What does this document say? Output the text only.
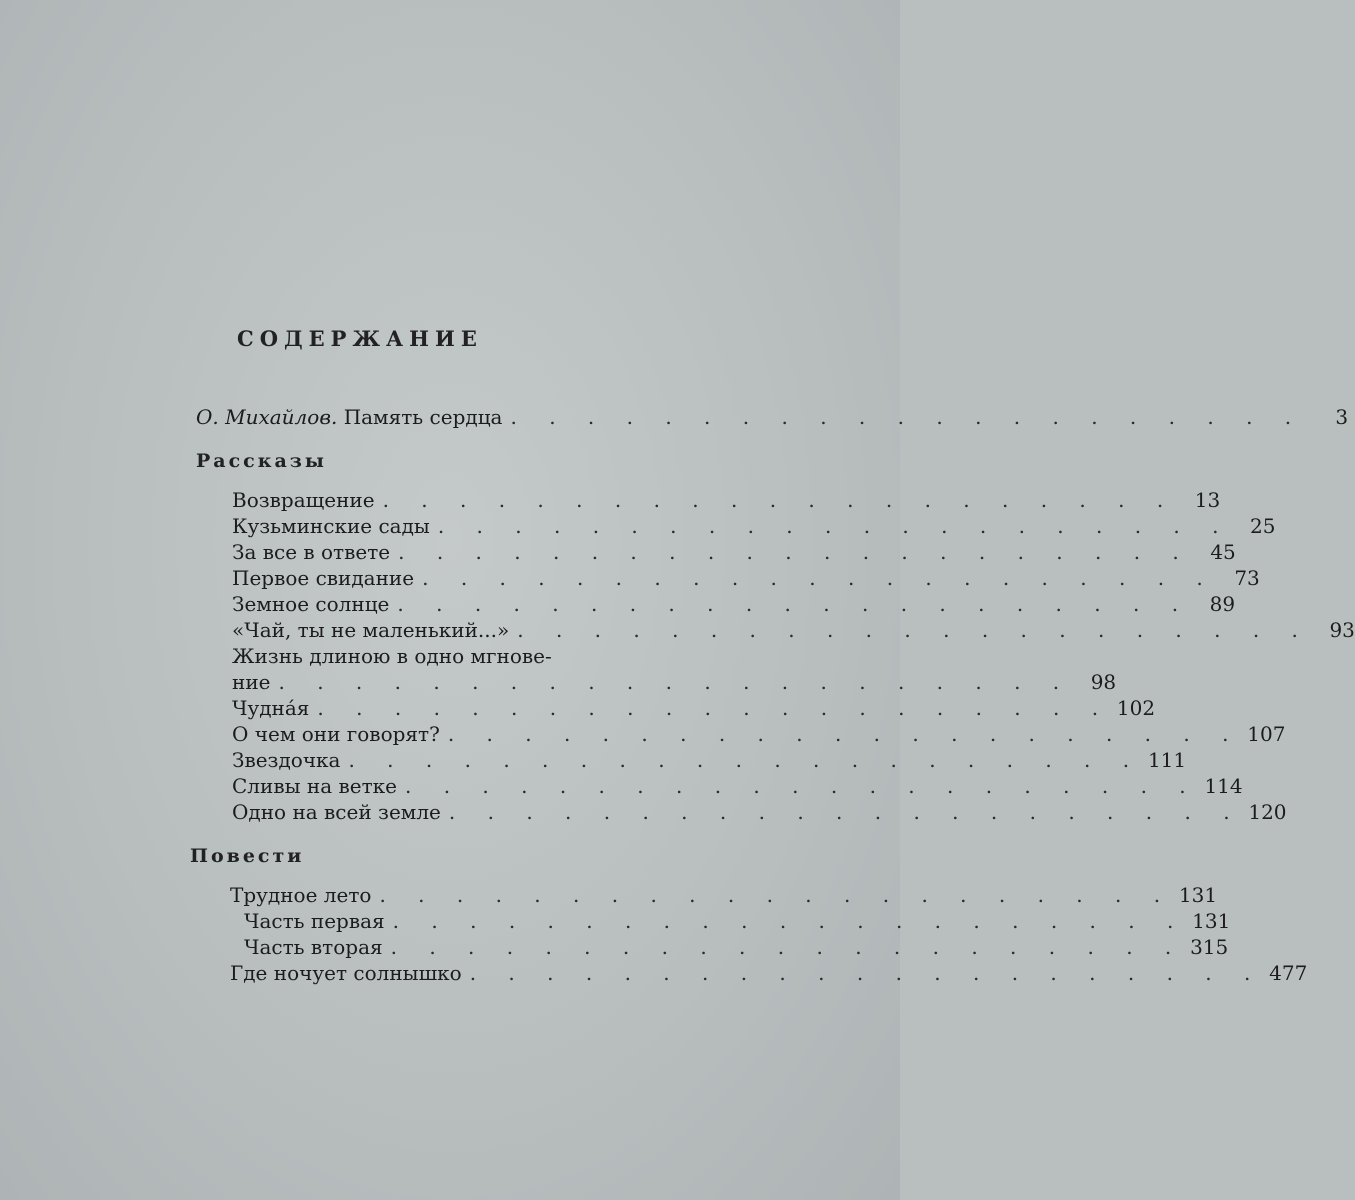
СОДЕРЖАНИЕ
О. Михайлов. Память сердца . . . . . . . . . . . . . . . . . . . . .	3
Рассказы
Возвращение . . . . . . . . . . . . . . . . . . . . . 13
Кузьминские сады . . . . . . . . . . . . . . . . . . . . . 25
За все в ответе . . . . . . . . . . . . . . . . . . . . . 45
Первое свидание . . . . . . . . . . . . . . . . . . . . . 73
Земное солнце . . . . . . . . . . . . . . . . . . . . . 89
«Чай, ты не маленький...» . . . . . . . . . . . . . . . . . . . . . 93
Жизнь длиною в одно мгнове-
ние . . . . . . . . . . . . . . . . . . . . . 98
Чудна́я . . . . . . . . . . . . . . . . . . . . . 102
О чем они говорят? . . . . . . . . . . . . . . . . . . . . . 107
Звездочка . . . . . . . . . . . . . . . . . . . . . 111
Сливы на ветке . . . . . . . . . . . . . . . . . . . . . 114
Одно на всей земле . . . . . . . . . . . . . . . . . . . . . 120
Повести
Трудное лето . . . . . . . . . . . . . . . . . . . . . 131
Часть первая . . . . . . . . . . . . . . . . . . . . . 131
Часть вторая . . . . . . . . . . . . . . . . . . . . . 315
Где ночует солнышко . . . . . . . . . . . . . . . . . . . . . 477
